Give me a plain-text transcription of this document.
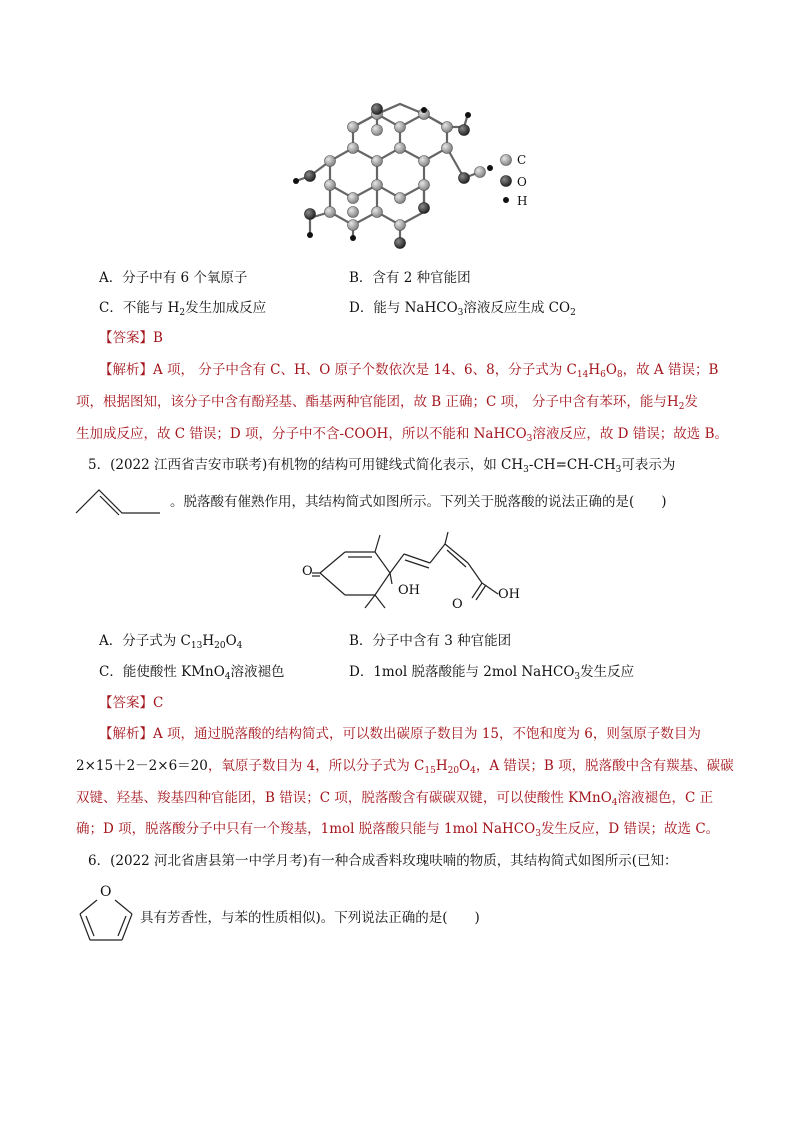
C
O
H
A．分子中有 6 个氧原子	B．含有 2 种官能团
C．不能与 $H_2$发生加成反应	D．能与 NaHCO$_3$溶液反应生成 $CO_2$
【答案】B
【解析】A 项， 分子中含有 C、H、O 原子个数依次是 14、6、8，分子式为 $C_{14}H_6O_8$，故 A 错误；B
项，根据图知，该分子中含有酚羟基、酯基两种官能团，故 B 正确；C 项， 分子中含有苯环，能与$H_2$发
生加成反应，故 C 错误；D 项，分子中不含-COOH，所以不能和 NaHCO$_3$溶液反应，故 D 错误；故选 B。
5．(2022 江西省吉安市联考)有机物的结构可用键线式简化表示，如 $CH_3-CH=CH-CH_3$可表示为
。脱落酸有催熟作用，其结构简式如图所示。下列关于脱落酸的说法正确的是(　　)
O
OH
O
OH
A．分子式为 $C_{13}H_{20}O_4$	B．分子中含有 3 种官能团
C．能使酸性 KMnO$_4$溶液褪色	D．1mol 脱落酸能与 2mol NaHCO$_3$发生反应
【答案】C
【解析】A 项，通过脱落酸的结构简式，可以数出碳原子数目为 15，不饱和度为 6，则氢原子数目为
2×15＋2－2×6＝20，氧原子数目为 4，所以分子式为 $C_{15}H_{20}O_4$，A 错误；B 项，脱落酸中含有羰基、碳碳
双键、羟基、羧基四种官能团，B 错误；C 项，脱落酸含有碳碳双键，可以使酸性 KMnO$_4$溶液褪色，C 正
确；D 项，脱落酸分子中只有一个羧基，1mol 脱落酸只能与 1mol NaHCO$_3$发生反应，D 错误；故选 C。
6．(2022 河北省唐县第一中学月考)有一种合成香料玫瑰呋喃的物质，其结构简式如图所示(已知：
O
具有芳香性，与苯的性质相似)。下列说法正确的是(　　)
